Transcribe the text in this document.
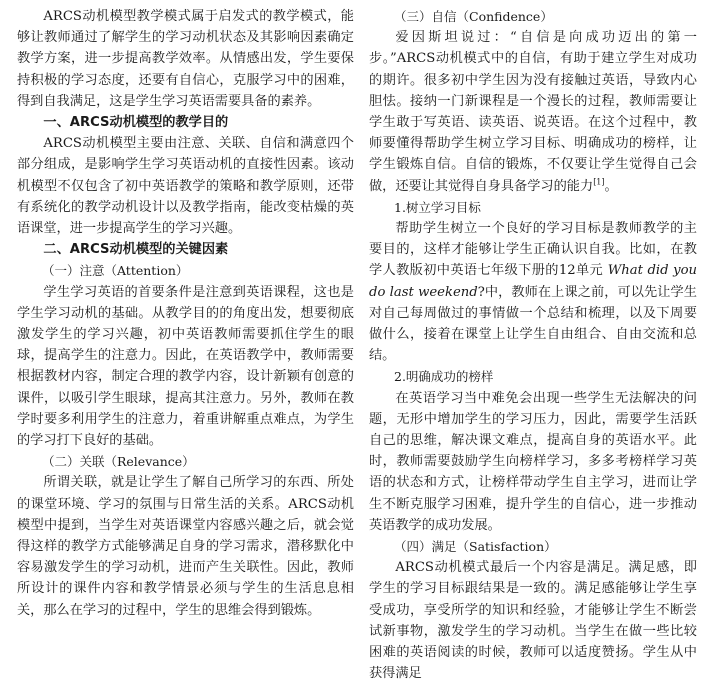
ARCS动机模型教学模式属于启发式的教学模式，能够让教师通过了解学生的学习动机状态及其影响因素确定教学方案，进一步提高教学效率。从情感出发，学生要保持积极的学习态度，还要有自信心，克服学习中的困难，得到自我满足，这是学生学习英语需要具备的素养。

一、ARCS动机模型的教学目的

ARCS动机模型主要由注意、关联、自信和满意四个部分组成，是影响学生学习英语动机的直接性因素。该动机模型不仅包含了初中英语教学的策略和教学原则，还带有系统化的教学动机设计以及教学指南，能改变枯燥的英语课堂，进一步提高学生的学习兴趣。

二、ARCS动机模型的关键因素

（一）注意（Attention）

学生学习英语的首要条件是注意到英语课程，这也是学生学习动机的基础。从教学目的的角度出发，想要彻底激发学生的学习兴趣，初中英语教师需要抓住学生的眼球，提高学生的注意力。因此，在英语教学中，教师需要根据教材内容，制定合理的教学内容，设计新颖有创意的课件，以吸引学生眼球，提高其注意力。另外，教师在教学时要多利用学生的注意力，着重讲解重点难点，为学生的学习打下良好的基础。

（二）关联（Relevance）

所谓关联，就是让学生了解自己所学习的东西、所处的课堂环境、学习的氛围与日常生活的关系。ARCS动机模型中提到，当学生对英语课堂内容感兴趣之后，就会觉得这样的教学方式能够满足自身的学习需求，潜移默化中容易激发学生的学习动机，进而产生关联性。因此，教师所设计的课件内容和教学情景必须与学生的生活息息相关，那么在学习的过程中，学生的思维会得到锻炼。

（三）自信（Confidence）

爱因斯坦说过：“自信是向成功迈出的第一步。”ARCS动机模式中的自信，有助于建立学生对成功的期许。很多初中学生因为没有接触过英语，导致内心胆怯。接纳一门新课程是一个漫长的过程，教师需要让学生敢于写英语、读英语、说英语。在这个过程中，教师要懂得帮助学生树立学习目标、明确成功的榜样，让学生锻炼自信。自信的锻炼，不仅要让学生觉得自己会做，还要让其觉得自身具备学习的能力[1]。

1.树立学习目标

帮助学生树立一个良好的学习目标是教师教学的主要目的，这样才能够让学生正确认识自我。比如，在教学人教版初中英语七年级下册的12单元 What did you do last weekend?中，教师在上课之前，可以先让学生对自己每周做过的事情做一个总结和梳理，以及下周要做什么，接着在课堂上让学生自由组合、自由交流和总结。

2.明确成功的榜样

在英语学习当中难免会出现一些学生无法解决的问题，无形中增加学生的学习压力，因此，需要学生活跃自己的思维，解决课文难点，提高自身的英语水平。此时，教师需要鼓励学生向榜样学习，多多考榜样学习英语的状态和方式，让榜样带动学生自主学习，进而让学生不断克服学习困难，提升学生的自信心，进一步推动英语教学的成功发展。

（四）满足（Satisfaction）

ARCS动机模式最后一个内容是满足。满足感，即学生的学习目标跟结果是一致的。满足感能够让学生享受成功，享受所学的知识和经验，才能够让学生不断尝试新事物，激发学生的学习动机。当学生在做一些比较困难的英语阅读的时候，教师可以适度赞扬。学生从中获得满足
